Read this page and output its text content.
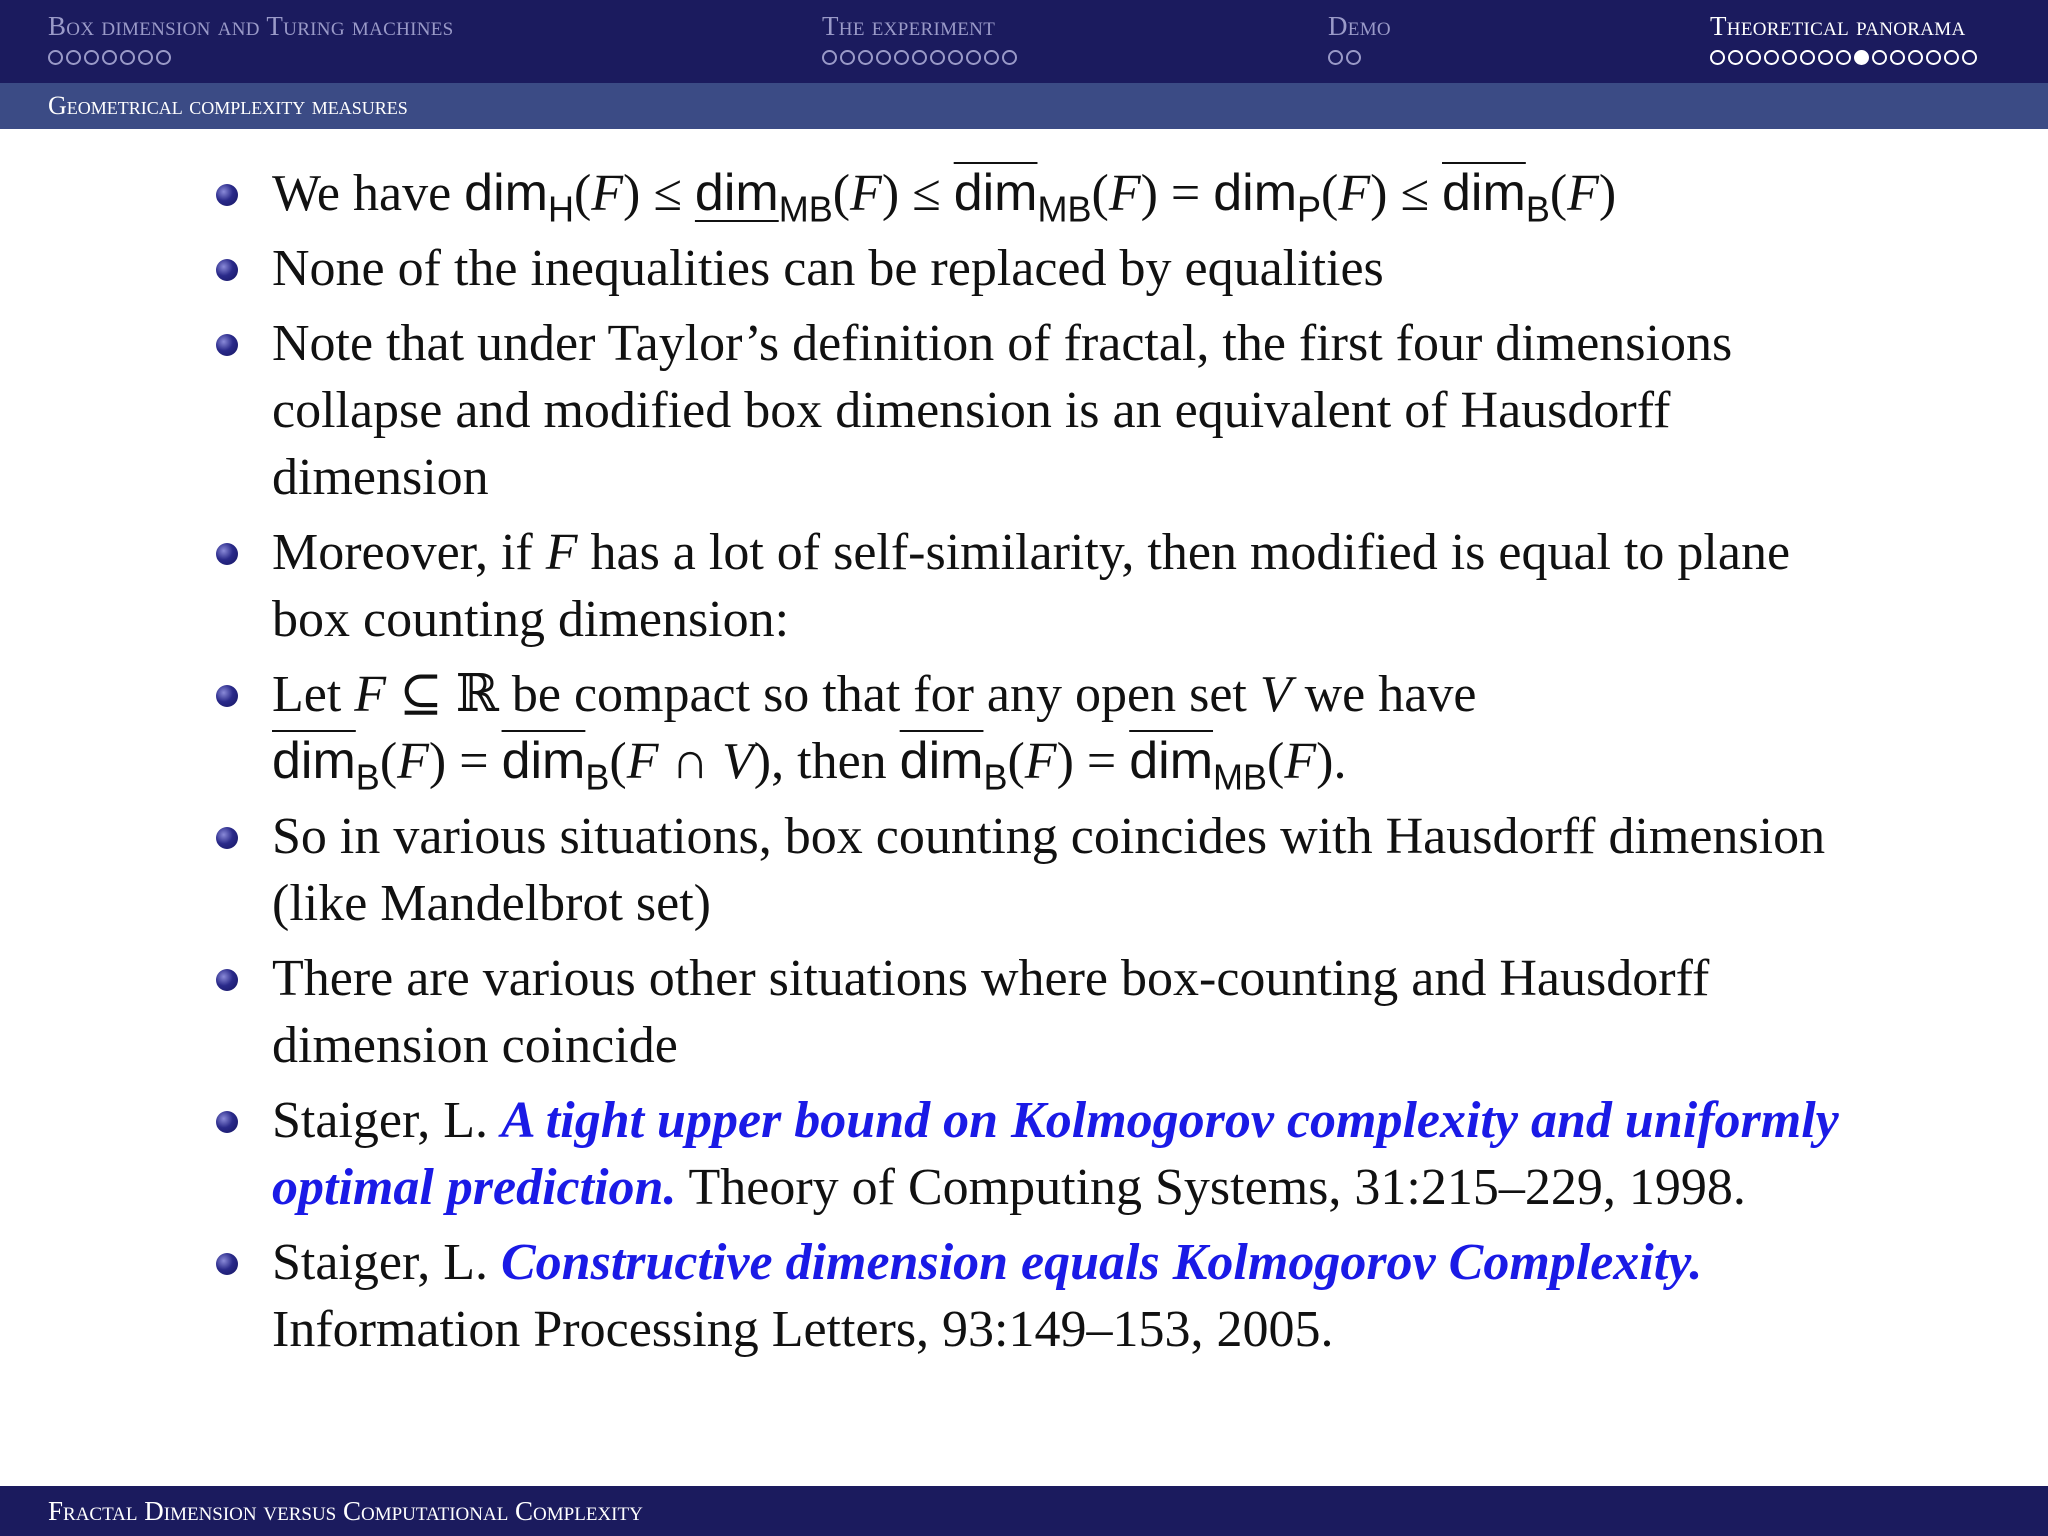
Box dimension and Turing machines	The experiment	Demo	Theoretical panorama
Geometrical complexity measures
We have $dim_H(F) \le dim_{MB}(F) \le \overline{dim}_{MB}(F) = dim_P(F) \le \overline{dim}_B(F)$
None of the inequalities can be replaced by equalities
Note that under Taylor’s definition of fractal, the first four dimensions collapse and modified box dimension is an equivalent of Hausdorff dimension
Moreover, if F has a lot of self-similarity, then modified is equal to plane box counting dimension:
Let F ⊆ ℝ be compact so that for any open set V we have
$\overline{dim}_B(F) = \overline{dim}_B(F$ ∩ V), then $\overline{dim}_B(F) = \overline{dim}_{MB}(F)$.
So in various situations, box counting coincides with Hausdorff dimension (like Mandelbrot set)
There are various other situations where box-counting and Hausdorff dimension coincide
Staiger, L. A tight upper bound on Kolmogorov complexity and uniformly optimal prediction. Theory of Computing Systems, 31:215–229, 1998.
Staiger, L. Constructive dimension equals Kolmogorov Complexity. Information Processing Letters, 93:149–153, 2005.
Fractal Dimension versus Computational Complexity
